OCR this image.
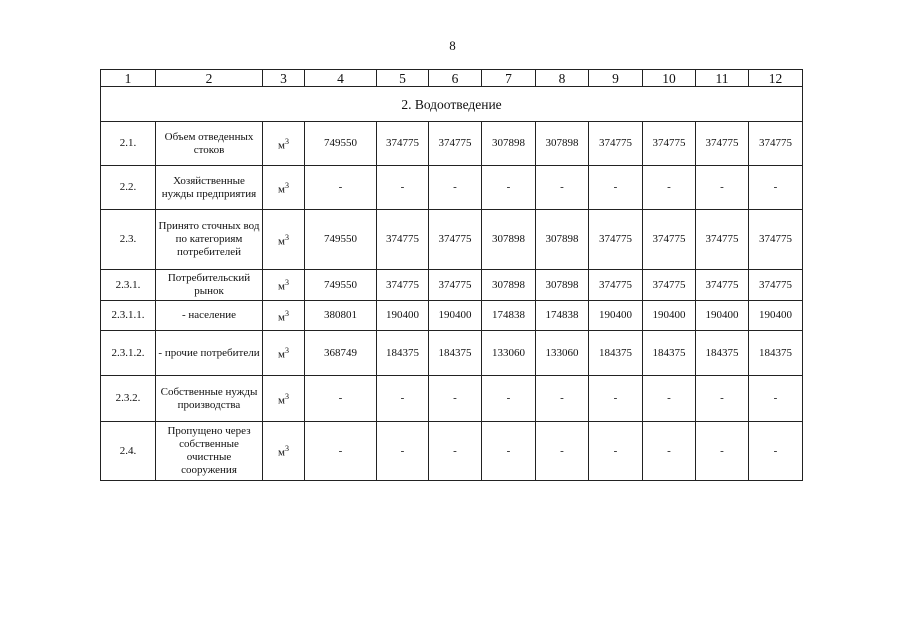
8
1	2	3	4	5	6	7	8	9	10	11	12
2. Водоотведение											
2.1.	Объем отведенных стоков	$м^3$	749550	374775	374775	307898	307898	374775	374775	374775	374775
2.2.	Хозяйственные нужды предприятия	$м^3$	-	-	-	-	-	-	-	-	-
2.3.	Принято сточных вод по категориям потребителей	$м^3$	749550	374775	374775	307898	307898	374775	374775	374775	374775
2.3.1.	Потребительский рынок	$м^3$	749550	374775	374775	307898	307898	374775	374775	374775	374775
2.3.1.1.	- население	$м^3$	380801	190400	190400	174838	174838	190400	190400	190400	190400
2.3.1.2.	- прочие потребители	$м^3$	368749	184375	184375	133060	133060	184375	184375	184375	184375
2.3.2.	Собственные нужды производства	$м^3$	-	-	-	-	-	-	-	-	-
2.4.	Пропущено через собственные очистные сооружения	$м^3$	-	-	-	-	-	-	-	-	-
